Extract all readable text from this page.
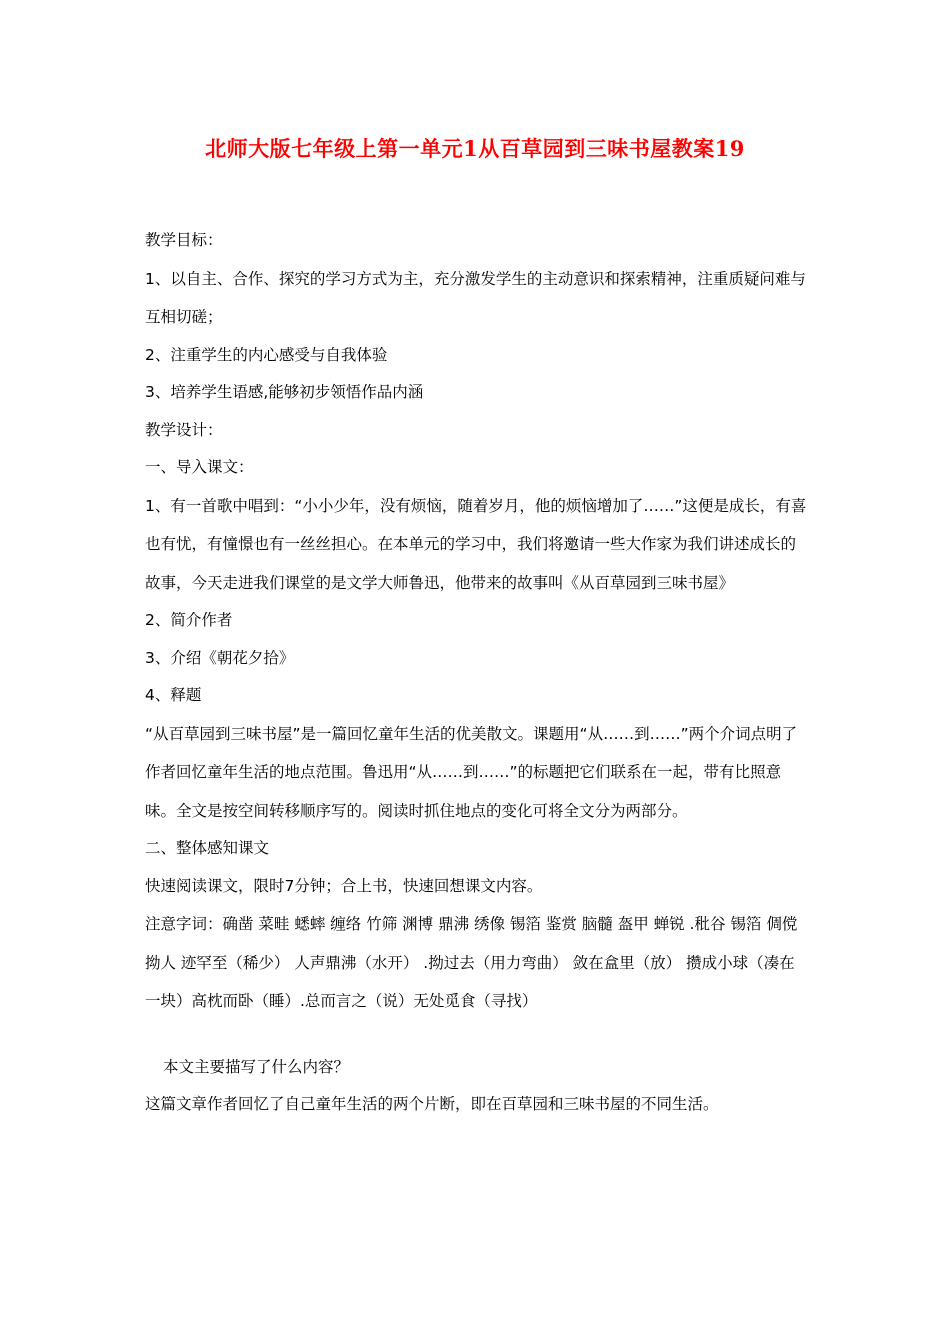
北师大版七年级上第一单元1从百草园到三味书屋教案19

教学目标：

1、以自主、合作、探究的学习方式为主，充分激发学生的主动意识和探索精神，注重质疑问难与互相切磋；

2、注重学生的内心感受与自我体验

3、培养学生语感,能够初步领悟作品内涵

教学设计：

一、导入课文：

1、有一首歌中唱到：“小小少年，没有烦恼，随着岁月，他的烦恼增加了……”这便是成长，有喜也有忧，有憧憬也有一丝丝担心。在本单元的学习中，我们将邀请一些大作家为我们讲述成长的故事，今天走进我们课堂的是文学大师鲁迅，他带来的故事叫《从百草园到三味书屋》

2、简介作者

3、介绍《朝花夕拾》

4、释题

“从百草园到三味书屋”是一篇回忆童年生活的优美散文。课题用“从……到……”两个介词点明了作者回忆童年生活的地点范围。鲁迅用“从……到……”的标题把它们联系在一起，带有比照意味。全文是按空间转移顺序写的。阅读时抓住地点的变化可将全文分为两部分。

二、整体感知课文

快速阅读课文，限时7分钟；合上书，快速回想课文内容。

注意字词：确凿 菜畦 蟋蟀 缠络 竹筛 渊博 鼎沸 绣像 锡箔 鉴赏 脑髓 盔甲 蝉锐 .秕谷 锡箔 倜傥 拗人 迹罕至（稀少） 人声鼎沸（水开） .拗过去（用力弯曲） 敛在盒里（放） 攒成小球（凑在一块）高枕而卧（睡）.总而言之（说）无处觅食（寻找）

本文主要描写了什么内容？

这篇文章作者回忆了自己童年生活的两个片断，即在百草园和三味书屋的不同生活。
